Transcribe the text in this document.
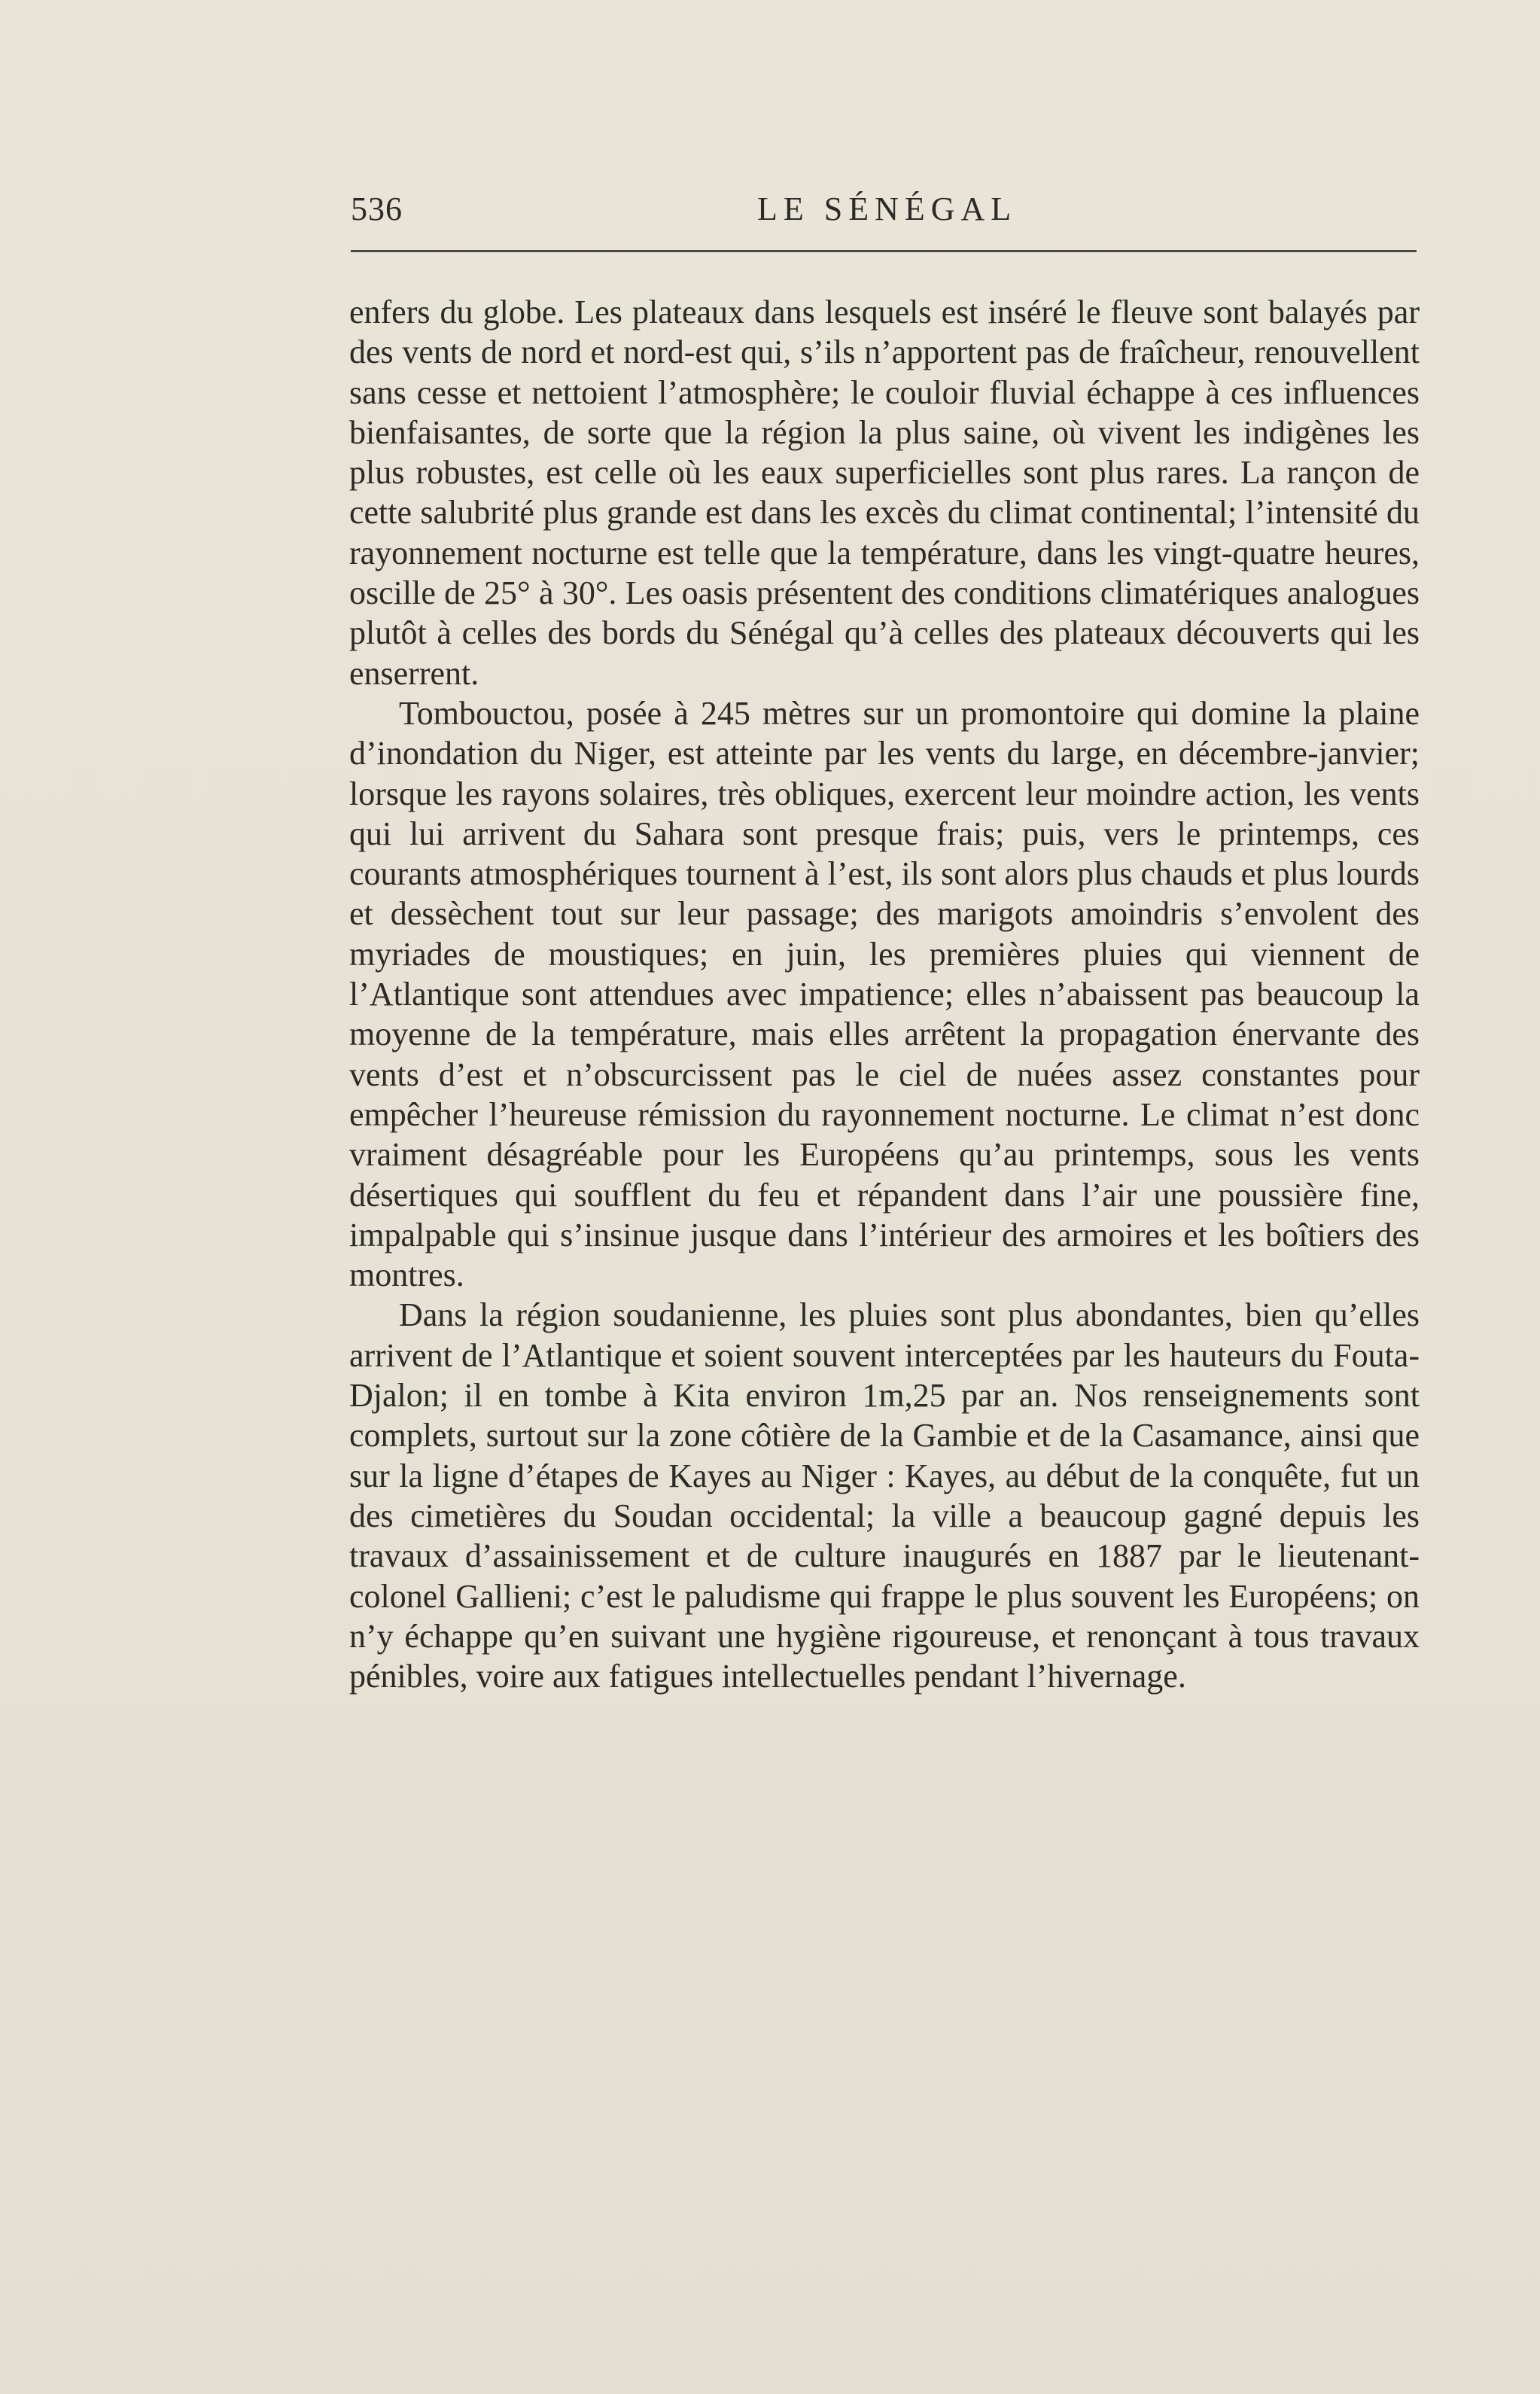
536	LE SÉNÉGAL

enfers du globe. Les plateaux dans lesquels est inséré le fleuve sont balayés par des vents de nord et nord-est qui, s’ils n’apportent pas de fraîcheur, renouvellent sans cesse et nettoient l’atmosphère; le couloir fluvial échappe à ces influences bienfaisantes, de sorte que la région la plus saine, où vivent les indigènes les plus robustes, est celle où les eaux superficielles sont plus rares. La rançon de cette salubrité plus grande est dans les excès du climat continental; l’intensité du rayonnement nocturne est telle que la température, dans les vingt-quatre heures, oscille de 25° à 30°. Les oasis présentent des conditions climatériques analogues plutôt à celles des bords du Sénégal qu’à celles des plateaux découverts qui les enserrent.

Tombouctou, posée à 245 mètres sur un promontoire qui domine la plaine d’inondation du Niger, est atteinte par les vents du large, en décembre-janvier; lorsque les rayons solaires, très obliques, exercent leur moindre action, les vents qui lui arrivent du Sahara sont presque frais; puis, vers le printemps, ces courants atmosphériques tournent à l’est, ils sont alors plus chauds et plus lourds et dessèchent tout sur leur passage; des marigots amoindris s’envolent des myriades de moustiques; en juin, les premières pluies qui viennent de l’Atlantique sont attendues avec impatience; elles n’abaissent pas beaucoup la moyenne de la température, mais elles arrêtent la propagation énervante des vents d’est et n’obscurcissent pas le ciel de nuées assez constantes pour empêcher l’heureuse rémission du rayonnement nocturne. Le climat n’est donc vraiment désagréable pour les Européens qu’au printemps, sous les vents désertiques qui soufflent du feu et répandent dans l’air une poussière fine, impalpable qui s’insinue jusque dans l’intérieur des armoires et les boîtiers des montres.

Dans la région soudanienne, les pluies sont plus abondantes, bien qu’elles arrivent de l’Atlantique et soient souvent interceptées par les hauteurs du Fouta-Djalon; il en tombe à Kita environ 1m,25 par an. Nos renseignements sont complets, surtout sur la zone côtière de la Gambie et de la Casamance, ainsi que sur la ligne d’étapes de Kayes au Niger : Kayes, au début de la conquête, fut un des cimetières du Soudan occidental; la ville a beaucoup gagné depuis les travaux d’assainissement et de culture inaugurés en 1887 par le lieutenant-colonel Gallieni; c’est le paludisme qui frappe le plus souvent les Européens; on n’y échappe qu’en suivant une hygiène rigoureuse, et renonçant à tous travaux pénibles, voire aux fatigues intellectuelles pendant l’hivernage.
